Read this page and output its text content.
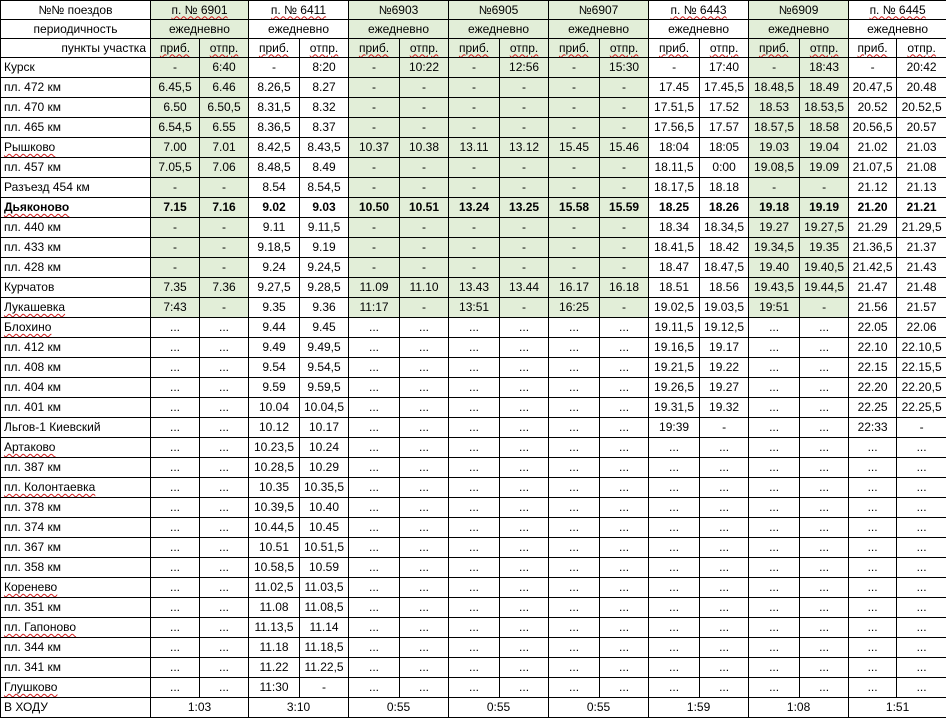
№№ поездов	п. № 6901		п. № 6411		№6903		№6905		№6907		п. № 6443		№6909		п. № 6445	
периодичность	ежедневно		ежедневно		ежедневно		ежедневно		ежедневно		ежедневно		ежедневно		ежедневно	
пункты участка	приб.	отпр.	приб.	отпр.	приб.	отпр.	приб.	отпр.	приб.	отпр.	приб.	отпр.	приб.	отпр.	приб.	отпр.
Курск	-	6:40	-	8:20	-	10:22	-	12:56	-	15:30	-	17:40	-	18:43	-	20:42
пл. 472 км	6.45,5	6.46	8.26,5	8.27	-	-	-	-	-	-	17.45	17.45,5	18.48,5	18.49	20.47,5	20.48
пл. 470 км	6.50	6.50,5	8.31,5	8.32	-	-	-	-	-	-	17.51,5	17.52	18.53	18.53,5	20.52	20.52,5
пл. 465 км	6.54,5	6.55	8.36,5	8.37	-	-	-	-	-	-	17.56,5	17.57	18.57,5	18.58	20.56,5	20.57
Рышково	7.00	7.01	8.42,5	8.43,5	10.37	10.38	13.11	13.12	15.45	15.46	18:04	18:05	19.03	19.04	21.02	21.03
пл. 457 км	7.05,5	7.06	8.48,5	8.49	-	-	-	-	-	-	18.11,5	0:00	19.08,5	19.09	21.07,5	21.08
Разъезд 454 км	-	-	8.54	8.54,5	-	-	-	-	-	-	18.17,5	18.18	-	-	21.12	21.13
Дьяконово	7.15	7.16	9.02	9.03	10.50	10.51	13.24	13.25	15.58	15.59	18.25	18.26	19.18	19.19	21.20	21.21
пл. 440 км	-	-	9.11	9.11,5	-	-	-	-	-	-	18.34	18.34,5	19.27	19.27,5	21.29	21.29,5
пл. 433 км	-	-	9.18,5	9.19	-	-	-	-	-	-	18.41,5	18.42	19.34,5	19.35	21.36,5	21.37
пл. 428 км	-	-	9.24	9.24,5	-	-	-	-	-	-	18.47	18.47,5	19.40	19.40,5	21.42,5	21.43
Курчатов	7.35	7.36	9.27,5	9.28,5	11.09	11.10	13.43	13.44	16.17	16.18	18.51	18.56	19.43,5	19.44,5	21.47	21.48
Лукашевка	7:43	-	9.35	9.36	11:17	-	13:51	-	16:25	-	19.02,5	19.03,5	19:51	-	21.56	21.57
Блохино	...	...	9.44	9.45	...	...	...	...	...	...	19.11,5	19.12,5	...	...	22.05	22.06
пл. 412 км	...	...	9.49	9.49,5	...	...	...	...	...	...	19.16,5	19.17	...	...	22.10	22.10,5
пл. 408 км	...	...	9.54	9.54,5	...	...	...	...	...	...	19.21,5	19.22	...	...	22.15	22.15,5
пл. 404 км	...	...	9.59	9.59,5	...	...	...	...	...	...	19.26,5	19.27	...	...	22.20	22.20,5
пл. 401 км	...	...	10.04	10.04,5	...	...	...	...	...	...	19.31,5	19.32	...	...	22.25	22.25,5
Льгов-1 Киевский	...	...	10.12	10.17	...	...	...	...	...	...	19:39	-	...	...	22:33	-
Артаково	...	...	10.23,5	10.24	...	...	...	...	...	...	...	...	...	...	...	...
пл. 387 км	...	...	10.28,5	10.29	...	...	...	...	...	...	...	...	...	...	...	...
пл. Колонтаевка	...	...	10.35	10.35,5	...	...	...	...	...	...	...	...	...	...	...	...
пл. 378 км	...	...	10.39,5	10.40	...	...	...	...	...	...	...	...	...	...	...	...
пл. 374 км	...	...	10.44,5	10.45	...	...	...	...	...	...	...	...	...	...	...	...
пл. 367 км	...	...	10.51	10.51,5	...	...	...	...	...	...	...	...	...	...	...	...
пл. 358 км	...	...	10.58,5	10.59	...	...	...	...	...	...	...	...	...	...	...	...
Коренево	...	...	11.02,5	11.03,5	...	...	...	...	...	...	...	...	...	...	...	...
пл. 351 км	...	...	11.08	11.08,5	...	...	...	...	...	...	...	...	...	...	...	...
пл. Гапоново	...	...	11.13,5	11.14	...	...	...	...	...	...	...	...	...	...	...	...
пл. 344 км	...	...	11.18	11.18,5	...	...	...	...	...	...	...	...	...	...	...	...
пл. 341 км	...	...	11.22	11.22,5	...	...	...	...	...	...	...	...	...	...	...	...
Глушково	...	...	11:30	-	...	...	...	...	...	...	...	...	...	...	...	...
В ХОДУ	1:03		3:10		0:55		0:55		0:55		1:59		1:08		1:51	
